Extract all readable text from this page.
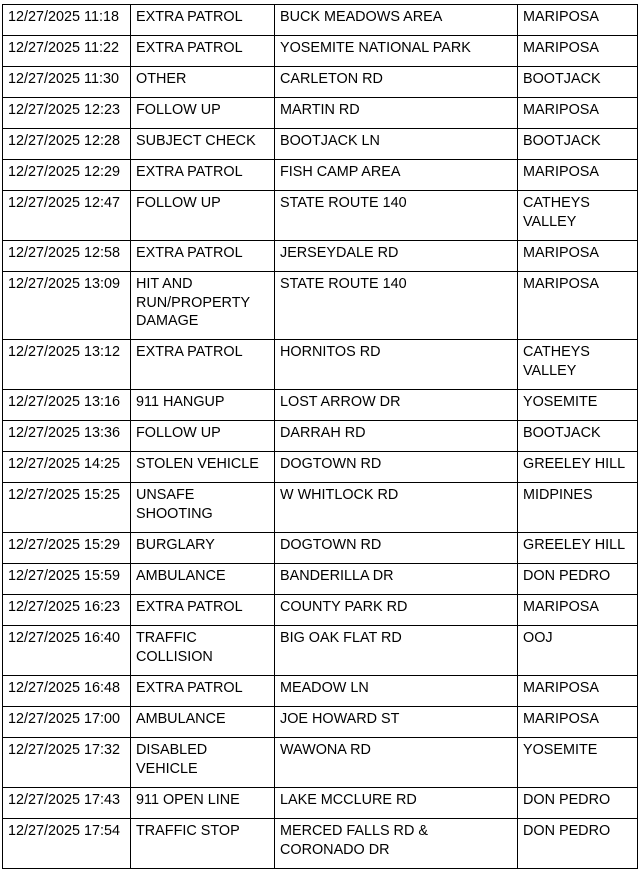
12/27/2025 11:18	EXTRA PATROL	BUCK MEADOWS AREA	MARIPOSA
12/27/2025 11:22	EXTRA PATROL	YOSEMITE NATIONAL PARK	MARIPOSA
12/27/2025 11:30	OTHER	CARLETON RD	BOOTJACK
12/27/2025 12:23	FOLLOW UP	MARTIN RD	MARIPOSA
12/27/2025 12:28	SUBJECT CHECK	BOOTJACK LN	BOOTJACK
12/27/2025 12:29	EXTRA PATROL	FISH CAMP AREA	MARIPOSA
12/27/2025 12:47	FOLLOW UP	STATE ROUTE 140	CATHEYS VALLEY
12/27/2025 12:58	EXTRA PATROL	JERSEYDALE RD	MARIPOSA
12/27/2025 13:09	HIT AND RUN/PROPERTY DAMAGE	STATE ROUTE 140	MARIPOSA
12/27/2025 13:12	EXTRA PATROL	HORNITOS RD	CATHEYS VALLEY
12/27/2025 13:16	911 HANGUP	LOST ARROW DR	YOSEMITE
12/27/2025 13:36	FOLLOW UP	DARRAH RD	BOOTJACK
12/27/2025 14:25	STOLEN VEHICLE	DOGTOWN RD	GREELEY HILL
12/27/2025 15:25	UNSAFE SHOOTING	W WHITLOCK RD	MIDPINES
12/27/2025 15:29	BURGLARY	DOGTOWN RD	GREELEY HILL
12/27/2025 15:59	AMBULANCE	BANDERILLA DR	DON PEDRO
12/27/2025 16:23	EXTRA PATROL	COUNTY PARK RD	MARIPOSA
12/27/2025 16:40	TRAFFIC COLLISION	BIG OAK FLAT RD	OOJ
12/27/2025 16:48	EXTRA PATROL	MEADOW LN	MARIPOSA
12/27/2025 17:00	AMBULANCE	JOE HOWARD ST	MARIPOSA
12/27/2025 17:32	DISABLED VEHICLE	WAWONA RD	YOSEMITE
12/27/2025 17:43	911 OPEN LINE	LAKE MCCLURE RD	DON PEDRO
12/27/2025 17:54	TRAFFIC STOP	MERCED FALLS RD & CORONADO DR	DON PEDRO
